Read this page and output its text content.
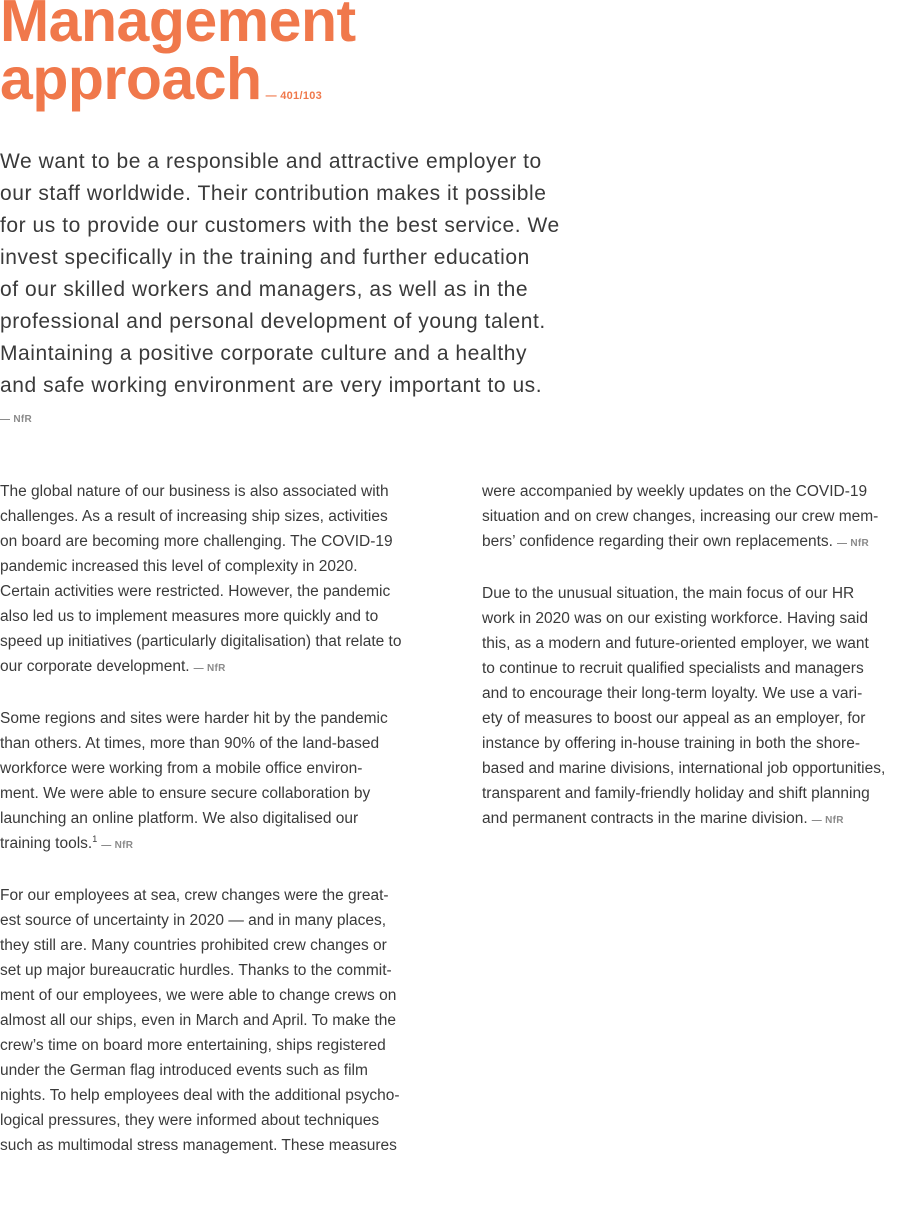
Management
approach — 401/103

We want to be a responsible and attractive employer to
our staff worldwide. Their contribution makes it possible
for us to provide our customers with the best service. We
invest specifically in the training and further education
of our skilled workers and managers, as well as in the
professional and personal development of young talent.
Maintaining a positive corporate culture and a healthy
and safe working environment are very important to us.

— NfR

The global nature of our business is also associated with
challenges. As a result of increasing ship sizes, activities
on board are becoming more challenging. The COVID-19
pandemic increased this level of complexity in 2020.
Certain activities were restricted. However, the pandemic
also led us to implement measures more quickly and to
speed up initiatives (particularly digitalisation) that relate to
our corporate development. — NfR

Some regions and sites were harder hit by the pandemic
than others. At times, more than 90% of the land-based
workforce were working from a mobile office environ-
ment. We were able to ensure secure collaboration by
launching an online platform. We also digitalised our
training tools.$^1$— NfR

For our employees at sea, crew changes were the great-
est source of uncertainty in 2020 — and in many places,
they still are. Many countries prohibited crew changes or
set up major bureaucratic hurdles. Thanks to the commit-
ment of our employees, we were able to change crews on
almost all our ships, even in March and April. To make the
crew’s time on board more entertaining, ships registered
under the German flag introduced events such as film
nights. To help employees deal with the additional psycho-
logical pressures, they were informed about techniques
such as multimodal stress management. These measures

were accompanied by weekly updates on the COVID-19
situation and on crew changes, increasing our crew mem-
bers’ confidence regarding their own replacements. — NfR

Due to the unusual situation, the main focus of our HR
work in 2020 was on our existing workforce. Having said
this, as a modern and future-oriented employer, we want
to continue to recruit qualified specialists and managers
and to encourage their long-term loyalty. We use a vari-
ety of measures to boost our appeal as an employer, for
instance by offering in-house training in both the shore-
based and marine divisions, international job opportunities,
transparent and family-friendly holiday and shift planning
and permanent contracts in the marine division. — NfR
